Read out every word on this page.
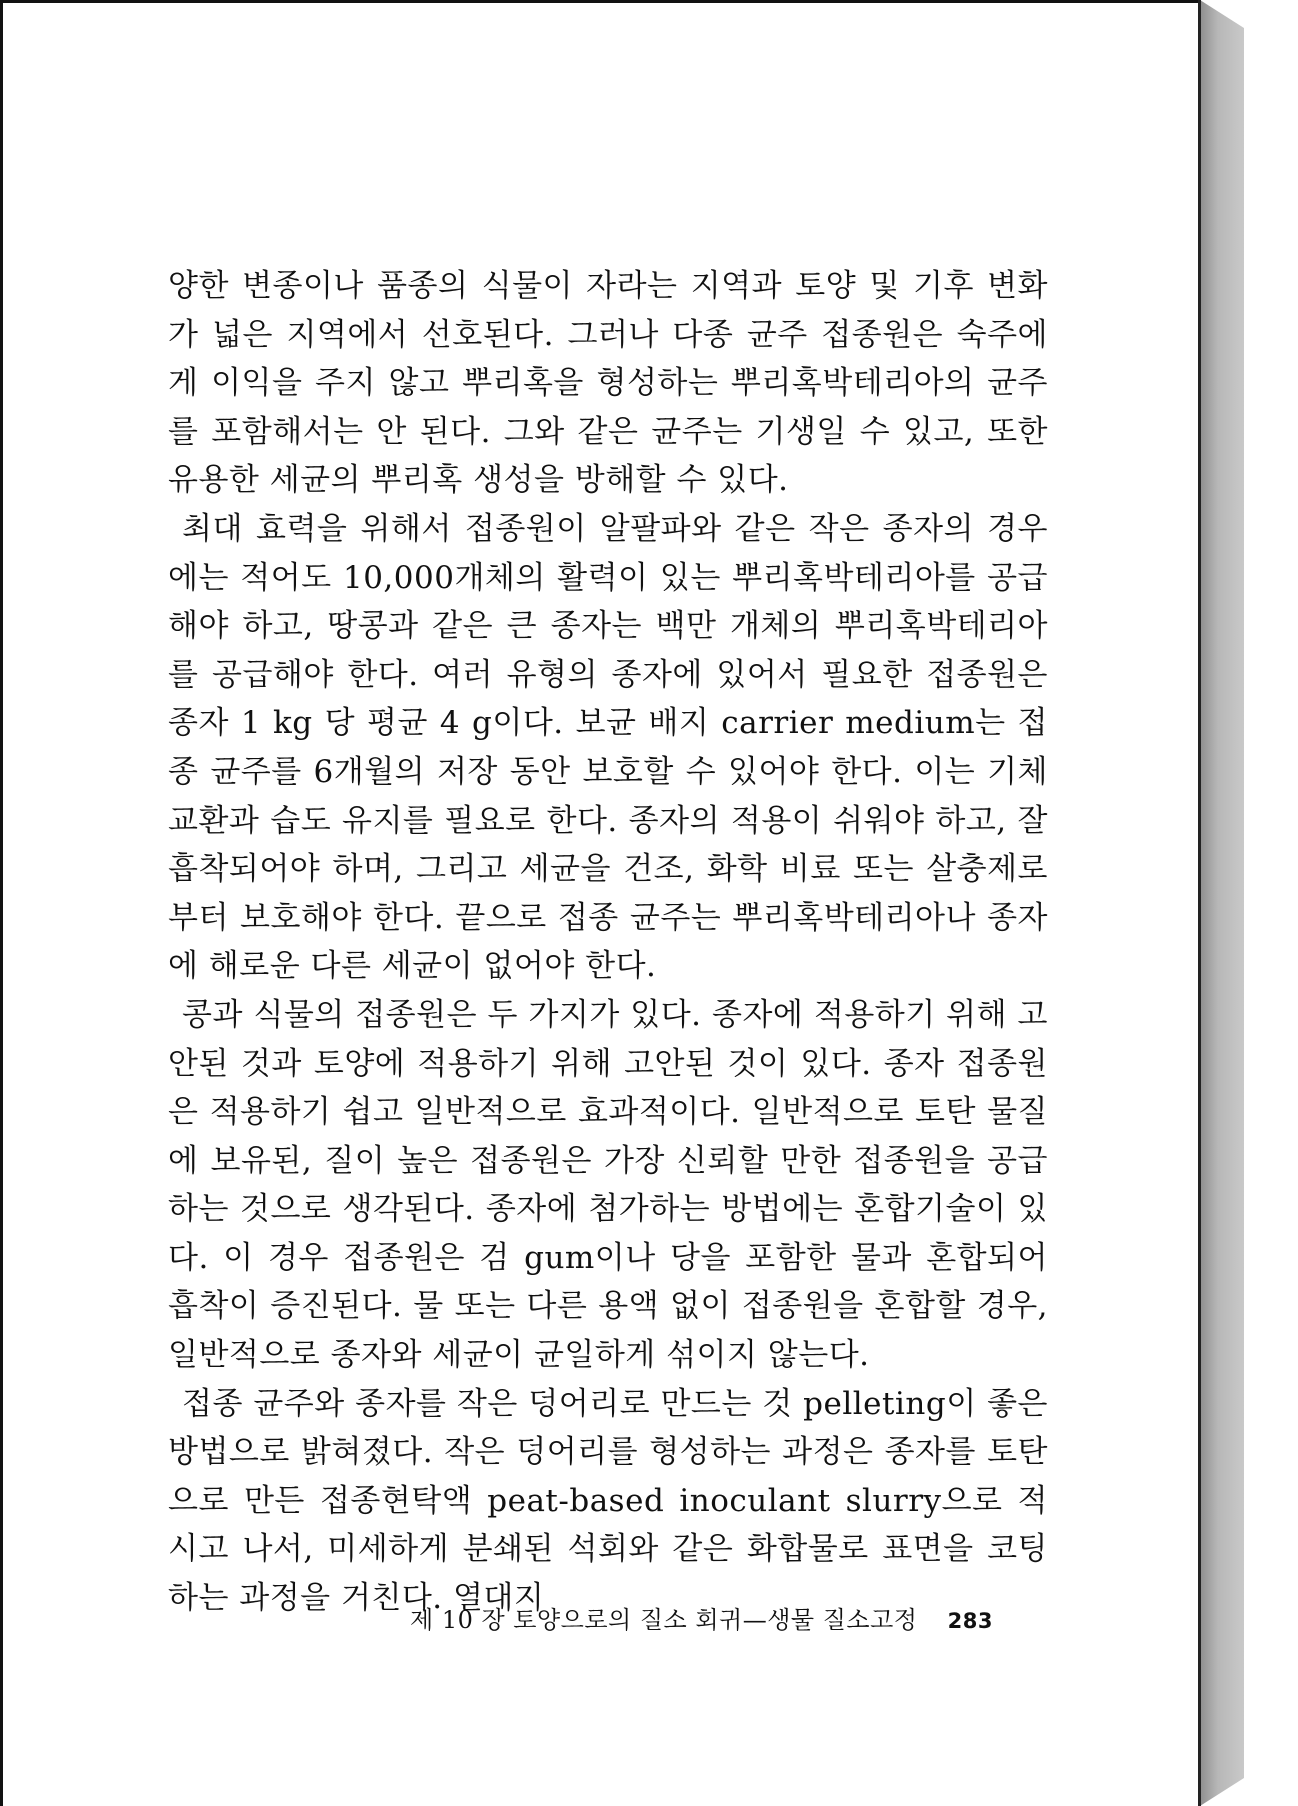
양한 변종이나 품종의 식물이 자라는 지역과 토양 및 기후 변화가 넓은 지역에서 선호된다. 그러나 다종 균주 접종원은 숙주에게 이익을 주지 않고 뿌리혹을 형성하는 뿌리혹박테리아의 균주를 포함해서는 안 된다. 그와 같은 균주는 기생일 수 있고, 또한 유용한 세균의 뿌리혹 생성을 방해할 수 있다.

최대 효력을 위해서 접종원이 알팔파와 같은 작은 종자의 경우에는 적어도 10,000개체의 활력이 있는 뿌리혹박테리아를 공급해야 하고, 땅콩과 같은 큰 종자는 백만 개체의 뿌리혹박테리아를 공급해야 한다. 여러 유형의 종자에 있어서 필요한 접종원은 종자 1 kg 당 평균 4 g이다. 보균 배지 carrier medium는 접종 균주를 6개월의 저장 동안 보호할 수 있어야 한다. 이는 기체 교환과 습도 유지를 필요로 한다. 종자의 적용이 쉬워야 하고, 잘 흡착되어야 하며, 그리고 세균을 건조, 화학 비료 또는 살충제로부터 보호해야 한다. 끝으로 접종 균주는 뿌리혹박테리아나 종자에 해로운 다른 세균이 없어야 한다.

콩과 식물의 접종원은 두 가지가 있다. 종자에 적용하기 위해 고안된 것과 토양에 적용하기 위해 고안된 것이 있다. 종자 접종원은 적용하기 쉽고 일반적으로 효과적이다. 일반적으로 토탄 물질에 보유된, 질이 높은 접종원은 가장 신뢰할 만한 접종원을 공급하는 것으로 생각된다. 종자에 첨가하는 방법에는 혼합기술이 있다. 이 경우 접종원은 검 gum이나 당을 포함한 물과 혼합되어 흡착이 증진된다. 물 또는 다른 용액 없이 접종원을 혼합할 경우, 일반적으로 종자와 세균이 균일하게 섞이지 않는다.

접종 균주와 종자를 작은 덩어리로 만드는 것 pelleting이 좋은 방법으로 밝혀졌다. 작은 덩어리를 형성하는 과정은 종자를 토탄으로 만든 접종현탁액 peat-based inoculant slurry으로 적시고 나서, 미세하게 분쇄된 석회와 같은 화합물로 표면을 코팅하는 과정을 거친다. 열대지

제 10 장 토양으로의 질소 회귀—생물 질소고정 283
